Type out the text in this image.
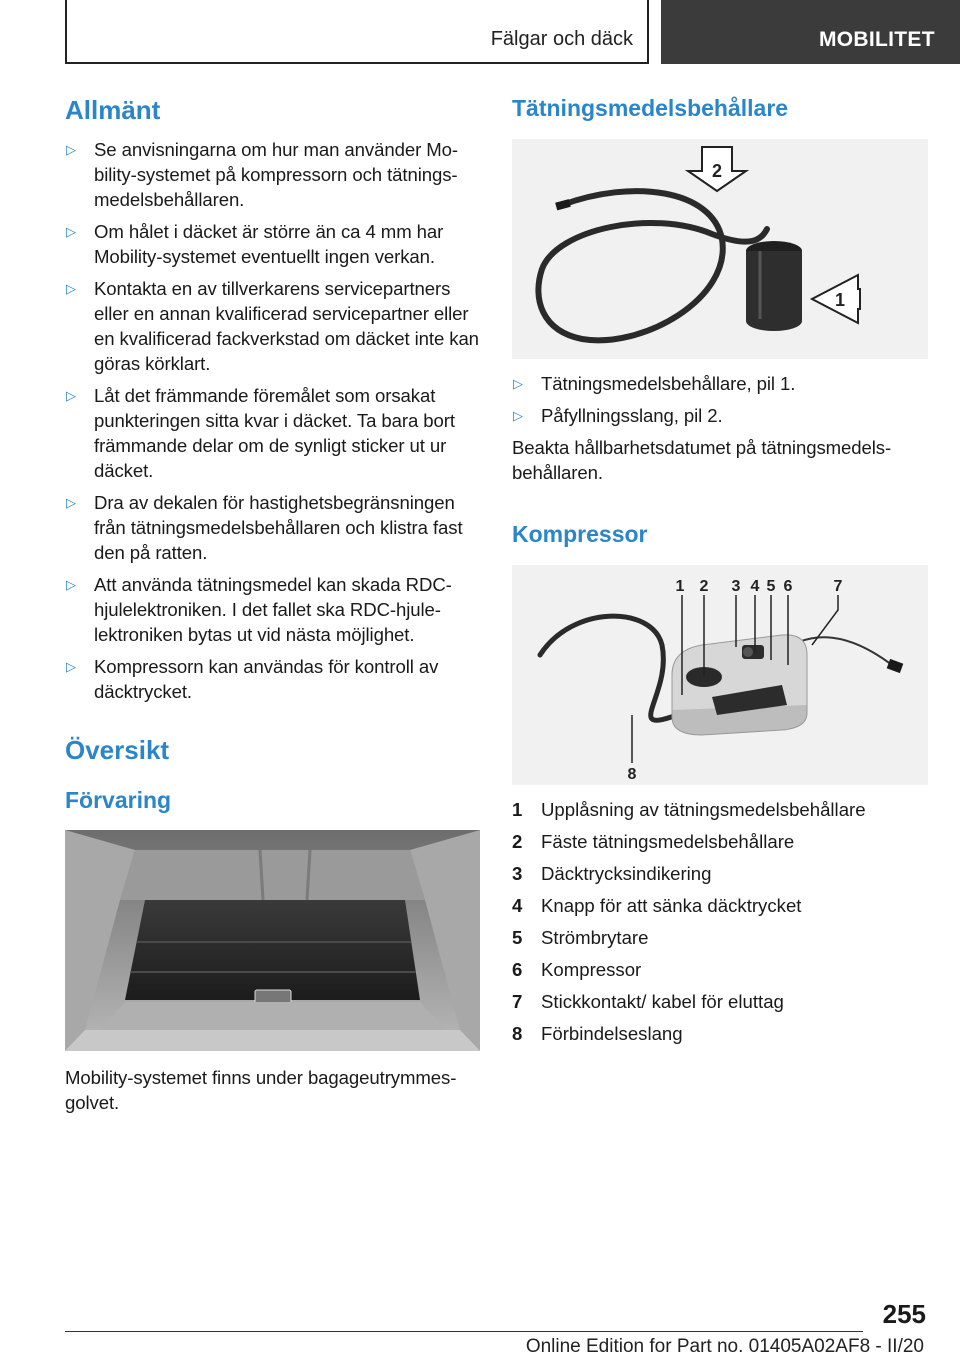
Fälgar och däck	MOBILITET
Allmänt
▷ Se anvisningarna om hur man använder Mo‐bility-systemet på kompressorn och tätnings‐medelsbehållaren.
▷ Om hålet i däcket är större än ca 4 mm har Mobility-systemet eventuellt ingen verkan.
▷ Kontakta en av tillverkarens servicepartners eller en annan kvalificerad servicepartner eller en kvalificerad fackverkstad om däcket inte kan göras körklart.
▷ Låt det främmande föremålet som orsakat punkteringen sitta kvar i däcket. Ta bara bort främmande delar om de synligt sticker ut ur däcket.
▷ Dra av dekalen för hastighetsbegränsningen från tätningsmedelsbehållaren och klistra fast den på ratten.
▷ Att använda tätningsmedel kan skada RDC-hjulelektroniken. I det fallet ska RDC-hjule‐lektroniken bytas ut vid nästa möjlighet.
▷ Kompressorn kan användas för kontroll av däcktrycket.
Översikt
Förvaring

Mobility-systemet finns under bagageutrymmes‐golvet.

Tätningsmedelsbehållare
2
1
▷ Tätningsmedelsbehållare, pil 1.
▷ Påfyllningsslang, pil 2.

Beakta hållbarhetsdatumet på tätningsmedels‐behållaren.

Kompressor
1 2 3 4 5 6	7
8
1 Upplåsning av tätningsmedelsbehållare
2 Fäste tätningsmedelsbehållare
3 Däcktrycksindikering
4 Knapp för att sänka däcktrycket
5 Strömbrytare
6 Kompressor
7 Stickkontakt/ kabel för eluttag
8 Förbindelseslang
255
Online Edition for Part no. 01405A02AF8 - II/20
